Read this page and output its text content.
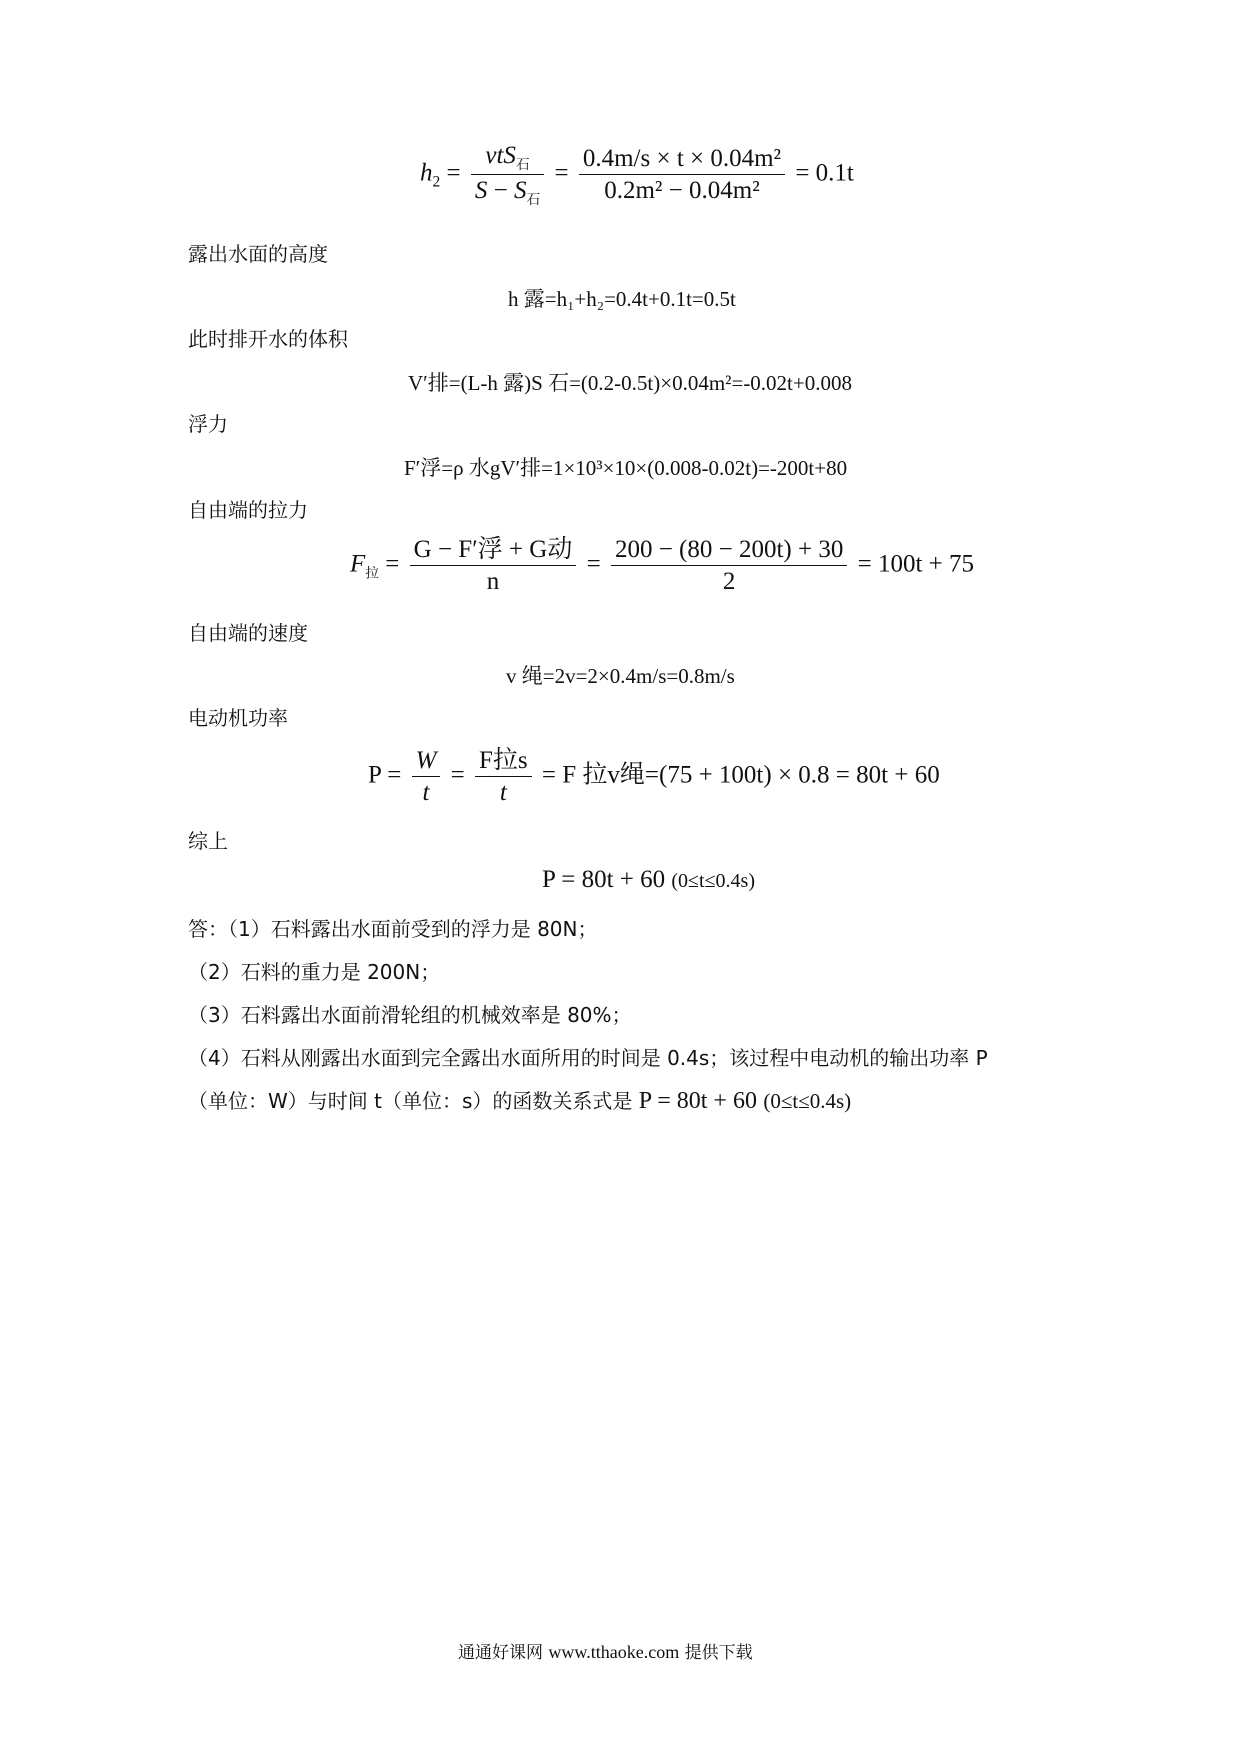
$h_2 = \frac{vtS_石}{S - S_石} = \frac{\text{0.4m/s × t × 0.04m²}}{\text{0.2m² − 0.04m²}} = 0.1t$
露出水面的高度
h 露=h₁+h₂=0.4t+0.1t=0.5t
此时排开水的体积
V′排=(L-h 露)S 石=(0.2-0.5t)×0.04m²=-0.02t+0.008
浮力
F′浮=ρ 水gV′排=1×10³×10×(0.008-0.02t)=-200t+80
自由端的拉力
$F_拉 = \frac{\text{G − F′浮 + G动}}{n} = \frac{200 - (80 - 200t) + 30}{2} = 100t + 75$
自由端的速度
v 绳=2v=2×0.4m/s=0.8m/s
电动机功率
$P = \frac{W}{t} = \frac{\text{F拉s}}{t} = F$ 拉v绳=(75 + 100t) × 0.8 = 80t + 60
综上
P = 80t + 60 (0≤t≤0.4s)
答：（1）石料露出水面前受到的浮力是 80N；
（2）石料的重力是 200N；
（3）石料露出水面前滑轮组的机械效率是 80%；
（4）石料从刚露出水面到完全露出水面所用的时间是 0.4s；该过程中电动机的输出功率 P
（单位：W）与时间 t（单位：s）的函数关系式是 P = 80t + 60 (0≤t≤0.4s)
通通好课网 www.tthaoke.com 提供下载
